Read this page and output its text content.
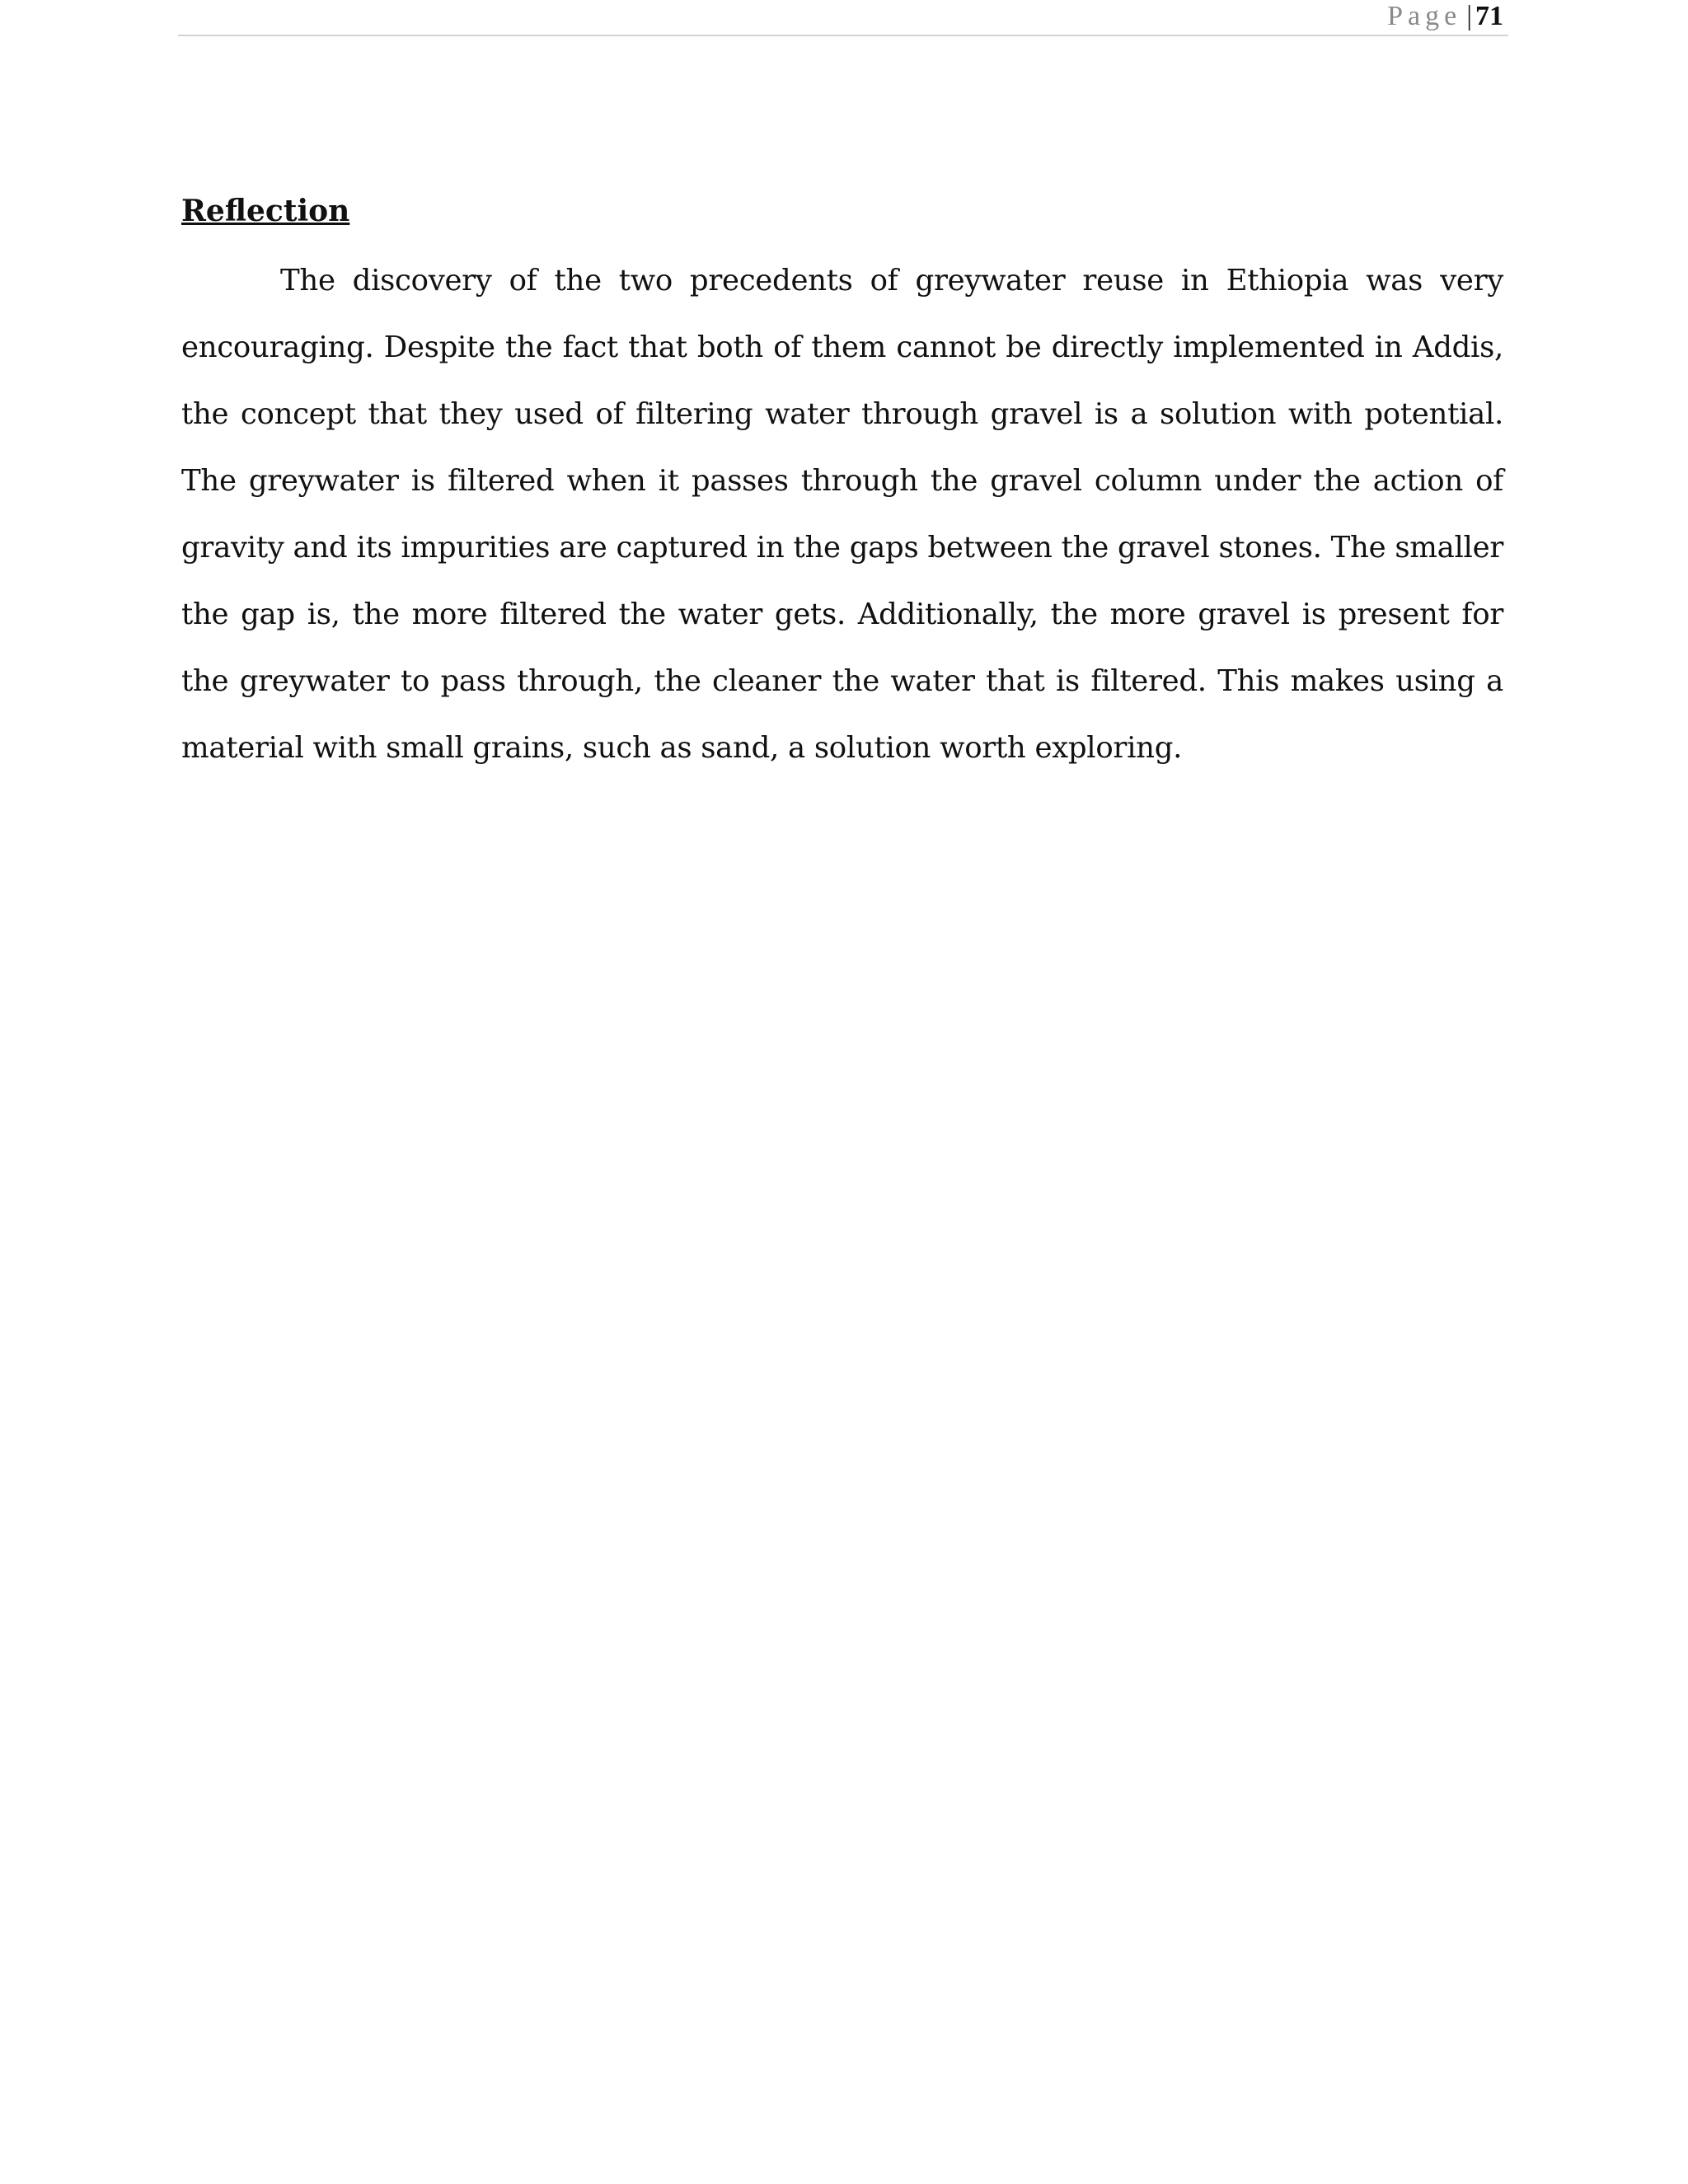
Page | 71
Reflection

The discovery of the two precedents of greywater reuse in Ethiopia was very encouraging. Despite the fact that both of them cannot be directly implemented in Addis, the concept that they used of filtering water through gravel is a solution with potential. The greywater is filtered when it passes through the gravel column under the action of gravity and its impurities are captured in the gaps between the gravel stones. The smaller the gap is, the more filtered the water gets. Additionally, the more gravel is present for the greywater to pass through, the cleaner the water that is filtered. This makes using a material with small grains, such as sand, a solution worth exploring.
